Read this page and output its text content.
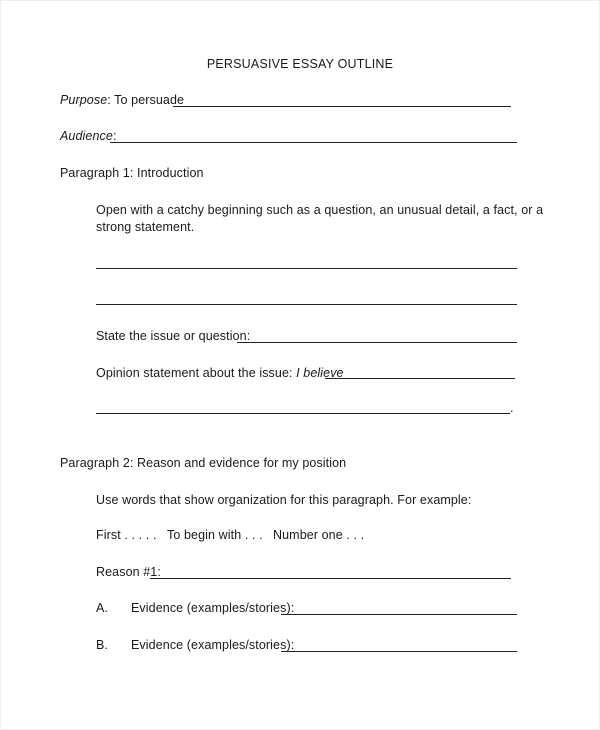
PERSUASIVE ESSAY OUTLINE
Purpose: To persuade
Audience:
Paragraph 1: Introduction
Open with a catchy beginning such as a question, an unusual detail, a fact, or a
strong statement.
State the issue or question:
Opinion statement about the issue: I believe
.
Paragraph 2: Reason and evidence for my position
Use words that show organization for this paragraph. For example:
First . . . . . To begin with . . . Number one . . .
Reason #1:
A. Evidence (examples/stories):
B. Evidence (examples/stories):
